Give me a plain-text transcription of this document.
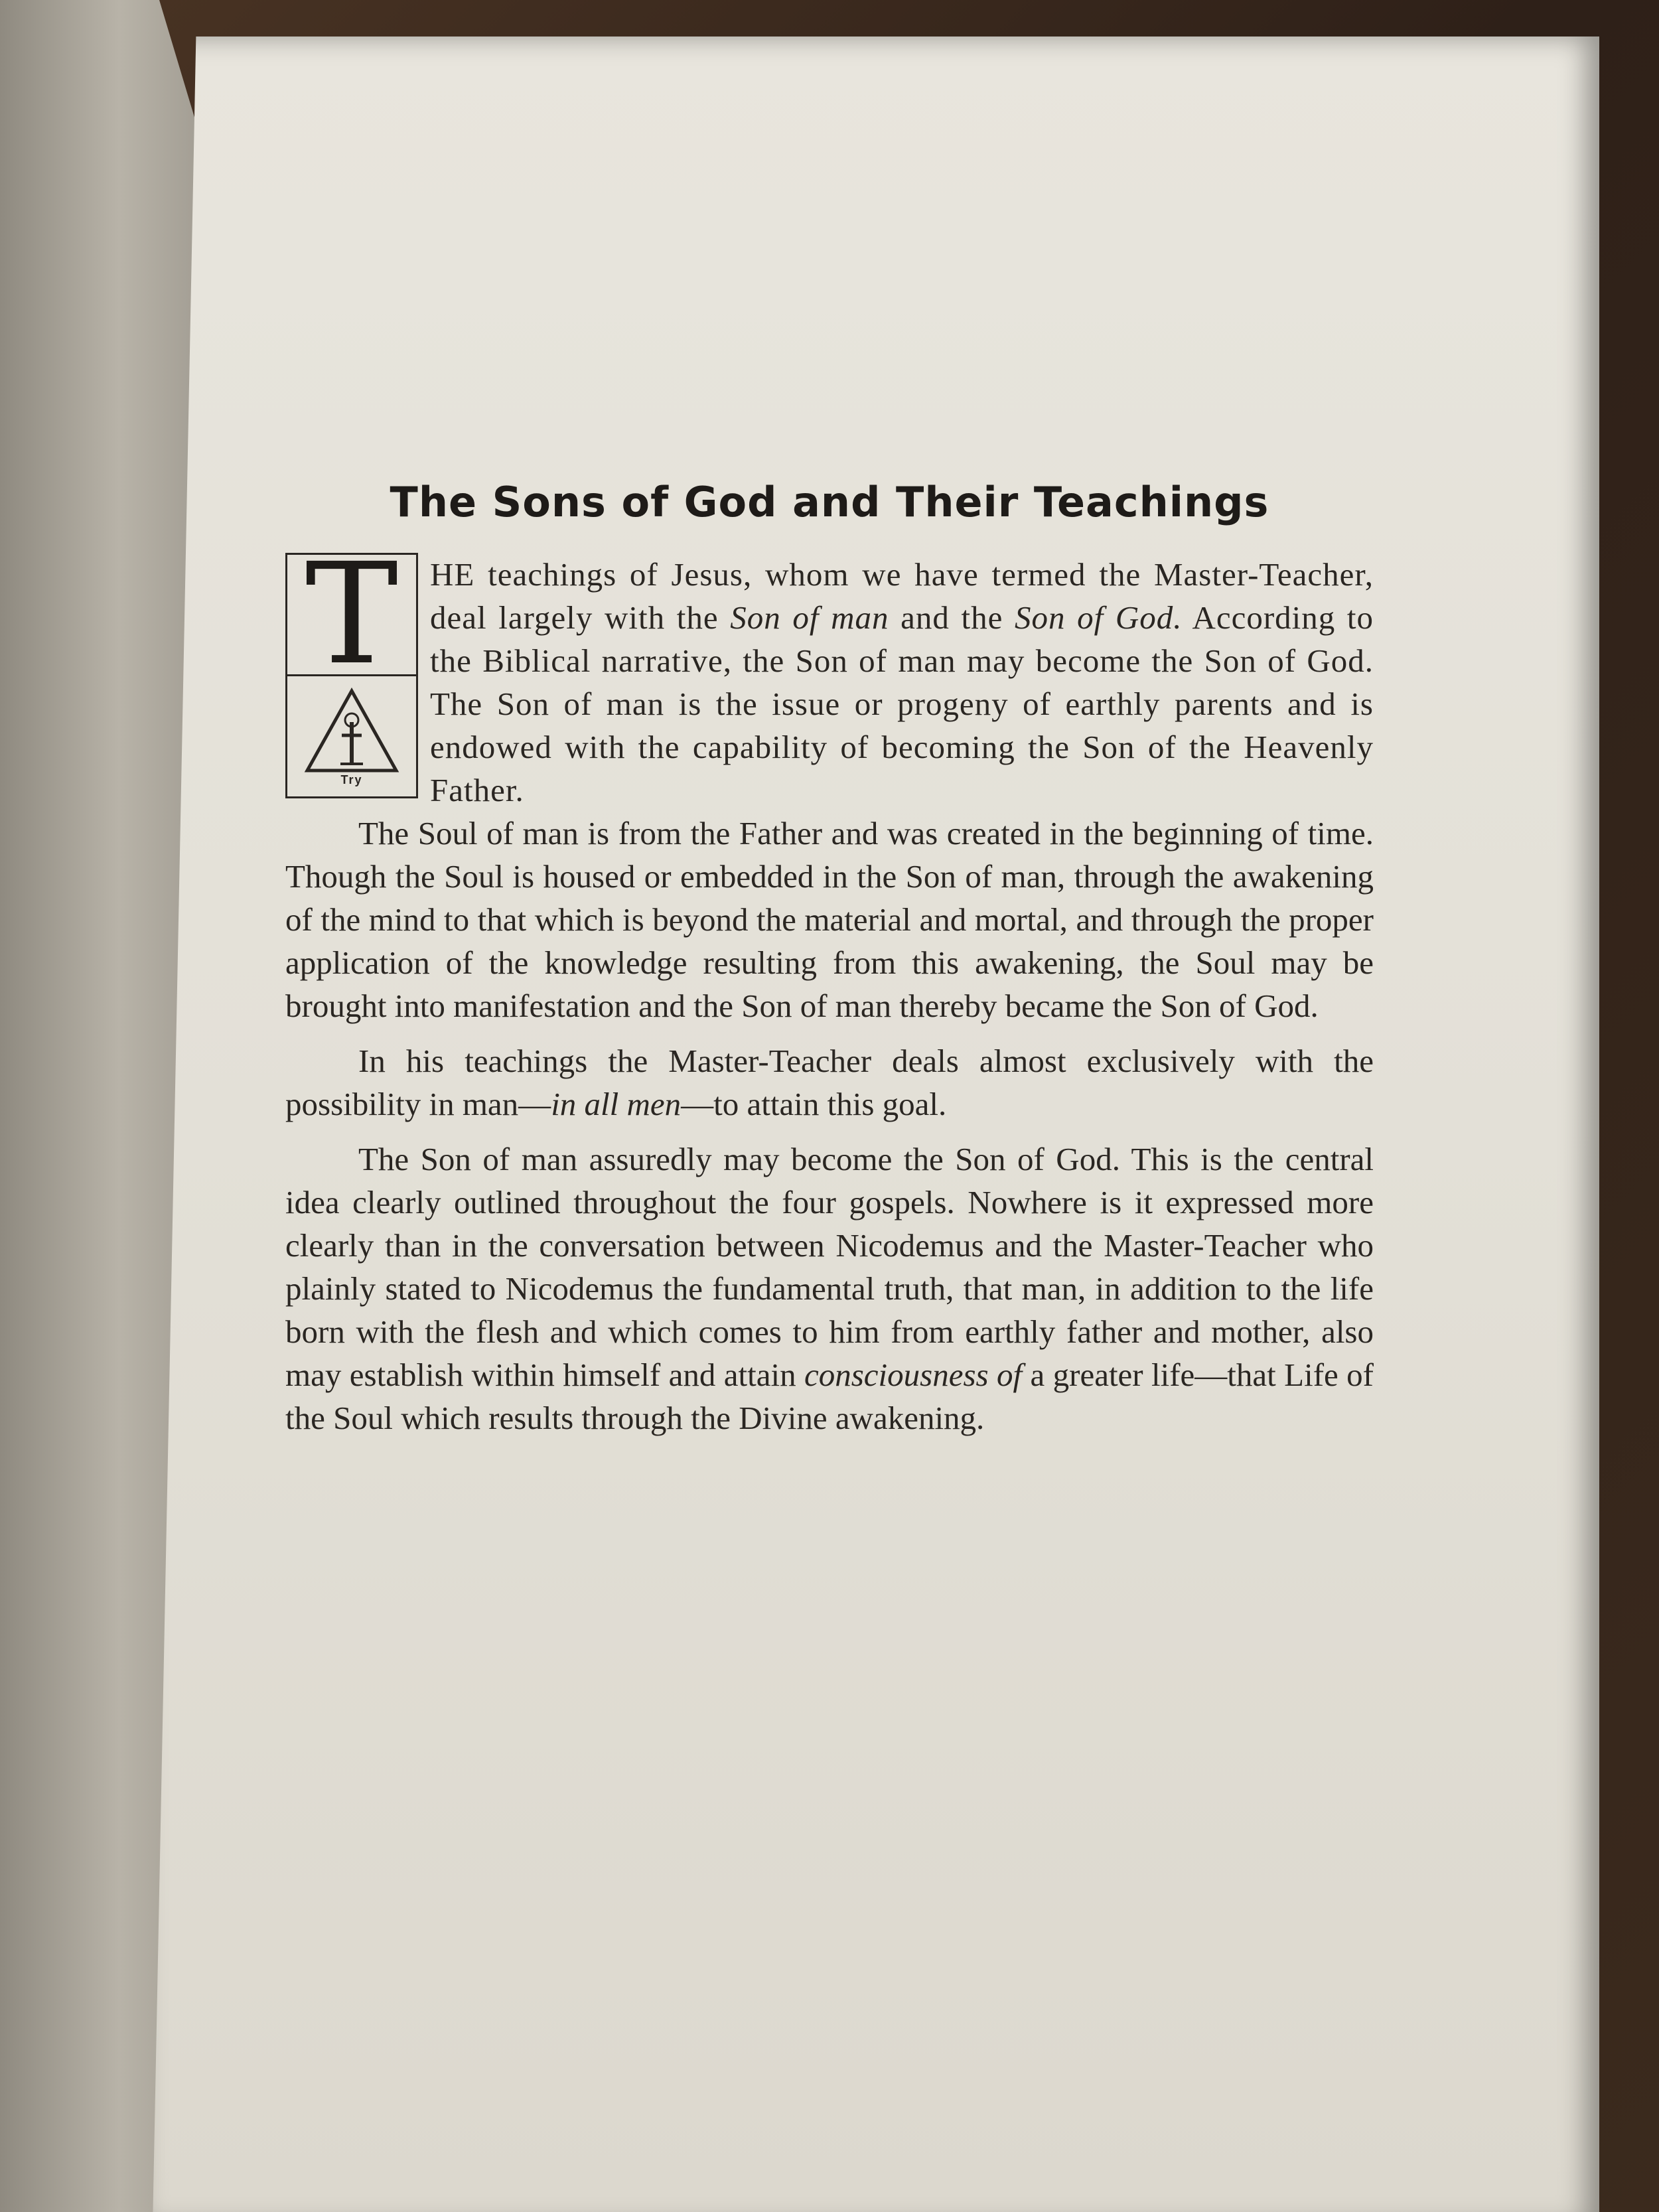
The Sons of God and Their Teachings
T
Try

HE teachings of Jesus, whom we have termed the Master-Teacher, deal largely with the Son of man and the Son of God. According to the Biblical narrative, the Son of man may become the Son of God. The Son of man is the issue or progeny of earthly parents and is endowed with the capability of becoming the Son of the Heavenly Father.

The Soul of man is from the Father and was created in the beginning of time. Though the Soul is housed or embedded in the Son of man, through the awakening of the mind to that which is beyond the material and mortal, and through the proper application of the knowledge resulting from this awakening, the Soul may be brought into manifestation and the Son of man thereby became the Son of God.

In his teachings the Master-Teacher deals almost exclusively with the possibility in man—in all men—to attain this goal.

The Son of man assuredly may become the Son of God. This is the central idea clearly outlined throughout the four gospels. Nowhere is it expressed more clearly than in the conversation between Nicodemus and the Master-Teacher who plainly stated to Nicodemus the fundamental truth, that man, in addition to the life born with the flesh and which comes to him from earthly father and mother, also may establish within himself and attain consciousness of a greater life—that Life of the Soul which results through the Divine awakening.
